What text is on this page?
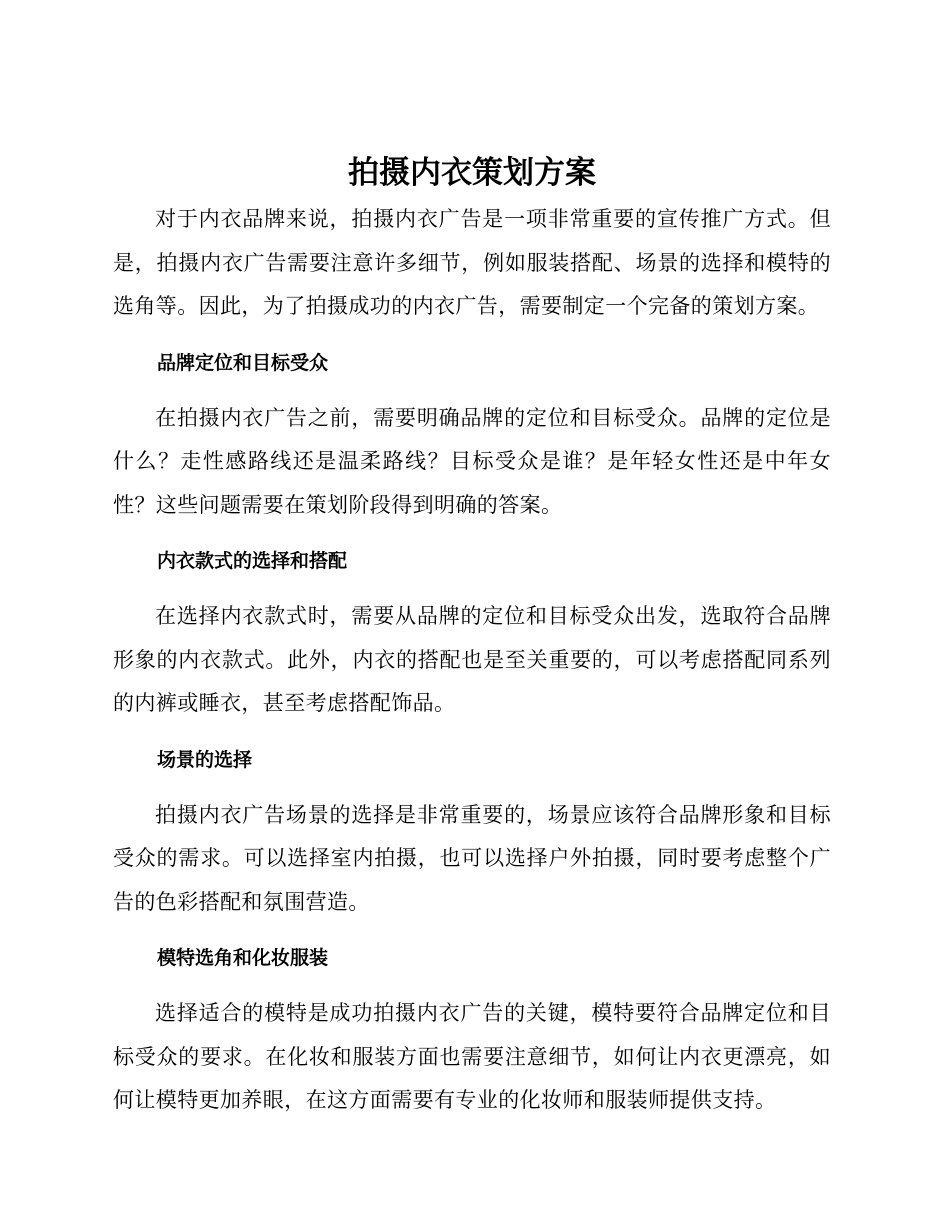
拍摄内衣策划方案

对于内衣品牌来说，拍摄内衣广告是一项非常重要的宣传推广方式。但是，拍摄内衣广告需要注意许多细节，例如服装搭配、场景的选择和模特的选角等。因此，为了拍摄成功的内衣广告，需要制定一个完备的策划方案。

品牌定位和目标受众

在拍摄内衣广告之前，需要明确品牌的定位和目标受众。品牌的定位是什么？走性感路线还是温柔路线？目标受众是谁？是年轻女性还是中年女性？这些问题需要在策划阶段得到明确的答案。

内衣款式的选择和搭配

在选择内衣款式时，需要从品牌的定位和目标受众出发，选取符合品牌形象的内衣款式。此外，内衣的搭配也是至关重要的，可以考虑搭配同系列的内裤或睡衣，甚至考虑搭配饰品。

场景的选择

拍摄内衣广告场景的选择是非常重要的，场景应该符合品牌形象和目标受众的需求。可以选择室内拍摄，也可以选择户外拍摄，同时要考虑整个广告的色彩搭配和氛围营造。

模特选角和化妆服装

选择适合的模特是成功拍摄内衣广告的关键，模特要符合品牌定位和目标受众的要求。在化妆和服装方面也需要注意细节，如何让内衣更漂亮，如何让模特更加养眼，在这方面需要有专业的化妆师和服装师提供支持。
